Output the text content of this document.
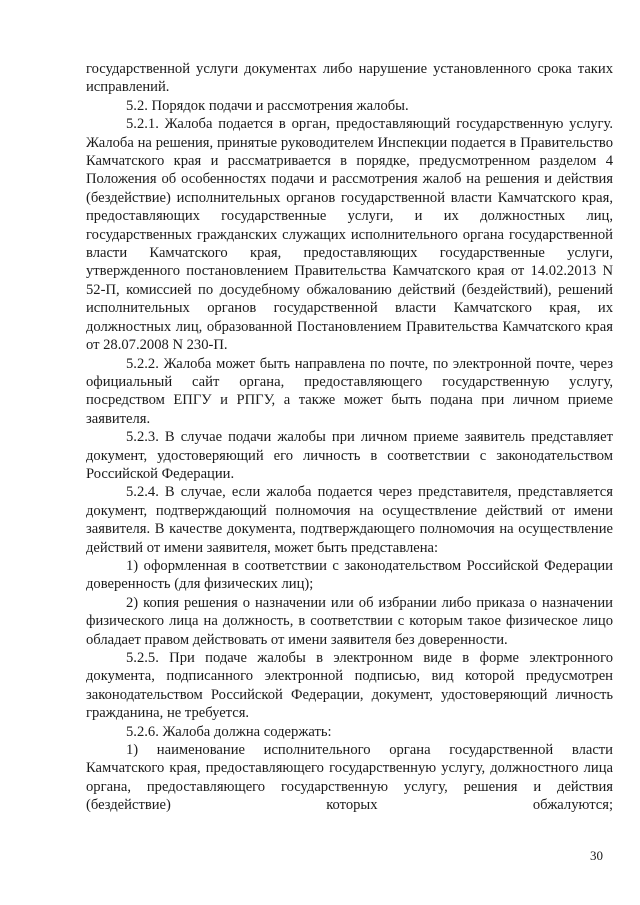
государственной услуги документах либо нарушение установленного срока таких исправлений.

5.2. Порядок подачи и рассмотрения жалобы.

5.2.1. Жалоба подается в орган, предоставляющий государственную услугу. Жалоба на решения, принятые руководителем Инспекции подается в Правительство Камчатского края и рассматривается в порядке, предусмотренном разделом 4 Положения об особенностях подачи и рассмотрения жалоб на решения и действия (бездействие) исполнительных органов государственной власти Камчатского края, предоставляющих государственные услуги, и их должностных лиц, государственных гражданских служащих исполнительного органа государственной власти Камчатского края, предоставляющих государственные услуги, утвержденного постановлением Правительства Камчатского края от 14.02.2013 N 52-П, комиссией по досудебному обжалованию действий (бездействий), решений исполнительных органов государственной власти Камчатского края, их должностных лиц, образованной Постановлением Правительства Камчатского края от 28.07.2008 N 230-П.

5.2.2. Жалоба может быть направлена по почте, по электронной почте, через официальный сайт органа, предоставляющего государственную услугу, посредством ЕПГУ и РПГУ, а также может быть подана при личном приеме заявителя.

5.2.3. В случае подачи жалобы при личном приеме заявитель представляет документ, удостоверяющий его личность в соответствии с законодательством Российской Федерации.

5.2.4. В случае, если жалоба подается через представителя, представляется документ, подтверждающий полномочия на осуществление действий от имени заявителя. В качестве документа, подтверждающего полномочия на осуществление действий от имени заявителя, может быть представлена:

1) оформленная в соответствии с законодательством Российской Федерации доверенность (для физических лиц);

2) копия решения о назначении или об избрании либо приказа о назначении физического лица на должность, в соответствии с которым такое физическое лицо обладает правом действовать от имени заявителя без доверенности.

5.2.5. При подаче жалобы в электронном виде в форме электронного документа, подписанного электронной подписью, вид которой предусмотрен законодательством Российской Федерации, документ, удостоверяющий личность гражданина, не требуется.

5.2.6. Жалоба должна содержать:

1) наименование исполнительного органа государственной власти Камчатского края, предоставляющего государственную услугу, должностного лица органа, предоставляющего государственную услугу, решения и действия (бездействие) которых обжалуются;

30
